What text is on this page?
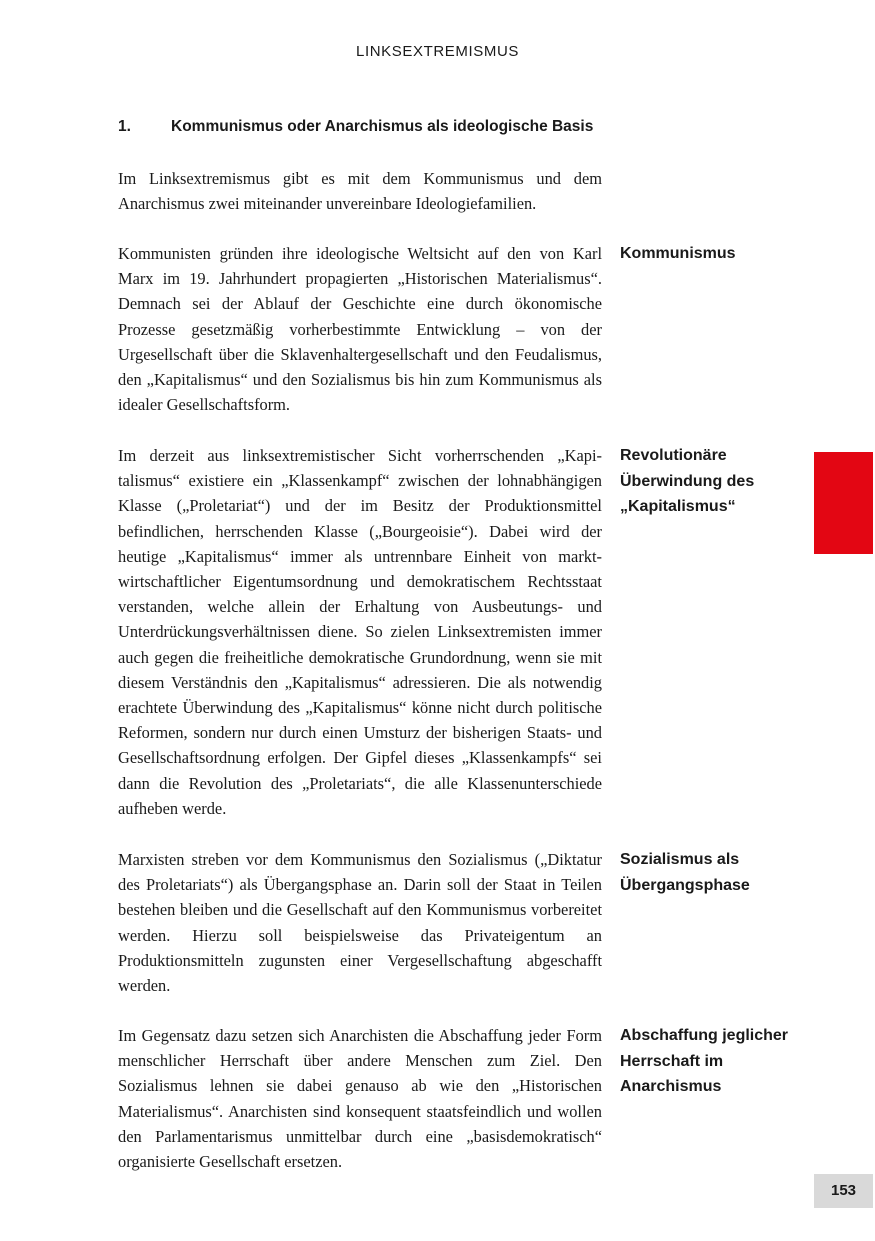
LINKSEXTREMISMUS
1.	Kommunismus oder Anarchismus als ideologische Basis

Im Linksextremismus gibt es mit dem Kommunismus und dem Anarchismus zwei miteinander unvereinbare Ideologiefamilien.

Kommunisten gründen ihre ideologische Weltsicht auf den von Karl Marx im 19. Jahrhundert propagierten „Historischen Materialismus“. Demnach sei der Ablauf der Geschichte eine durch ökonomische Prozesse gesetzmäßig vorherbestimmte Entwicklung – von der Urgesellschaft über die Sklavenhaltergesellschaft und den Feudalismus, den „Kapitalismus“ und den Sozialismus bis hin zum Kommunismus als idealer Gesellschaftsform.

Im derzeit aus linksextremistischer Sicht vorherrschenden „Kapitalismus“ existiere ein „Klassenkampf“ zwischen der lohnabhängigen Klasse („Proletariat“) und der im Besitz der Produktionsmittel befindlichen, herrschenden Klasse („Bourgeoisie“). Dabei wird der heutige „Kapitalismus“ immer als untrennbare Einheit von marktwirtschaftlicher Eigentumsordnung und demokratischem Rechtsstaat verstanden, welche allein der Erhaltung von Ausbeutungs- und Unterdrückungsverhältnissen diene. So zielen Linksextremisten immer auch gegen die freiheitliche demokratische Grundordnung, wenn sie mit diesem Verständnis den „Kapitalismus“ adressieren. Die als notwendig erachtete Überwindung des „Kapitalismus“ könne nicht durch politische Reformen, sondern nur durch einen Umsturz der bisherigen Staats- und Gesellschaftsordnung erfolgen. Der Gipfel dieses „Klassenkampfs“ sei dann die Revolution des „Proletariats“, die alle Klassenunterschiede aufheben werde.

Marxisten streben vor dem Kommunismus den Sozialismus („Diktatur des Proletariats“) als Übergangsphase an. Darin soll der Staat in Teilen bestehen bleiben und die Gesellschaft auf den Kommunismus vorbereitet werden. Hierzu soll beispielsweise das Privateigentum an Produktionsmitteln zugunsten einer Vergesellschaftung abgeschafft werden.

Im Gegensatz dazu setzen sich Anarchisten die Abschaffung jeder Form menschlicher Herrschaft über andere Menschen zum Ziel. Den Sozialismus lehnen sie dabei genauso ab wie den „Historischen Materialismus“. Anarchisten sind konsequent staatsfeindlich und wollen den Parlamentarismus unmittelbar durch eine „basisdemokratisch“ organisierte Gesellschaft ersetzen.

Kommunismus

Revolutionäre Überwindung des „Kapitalismus“

Sozialismus als Übergangsphase

Abschaffung jeglicher Herrschaft im Anarchismus

153
